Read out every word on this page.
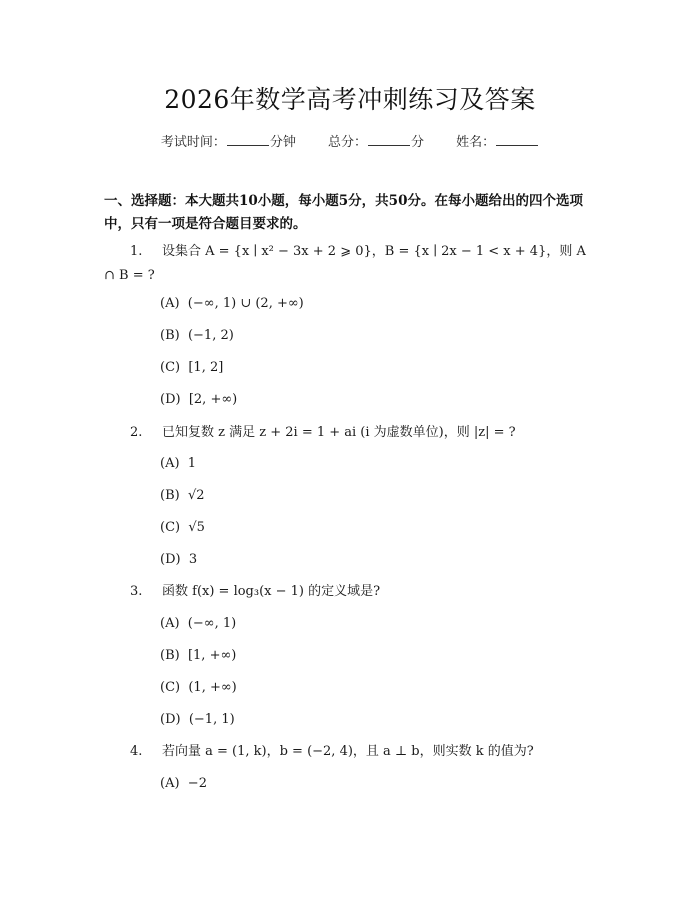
2026年数学高考冲刺练习及答案
考试时间：	分钟 总分：	分 姓名：
一、选择题：本大题共10小题，每小题5分，共50分。在每小题给出的四个选项中，只有一项是符合题目要求的。
1. 设集合 A = {x ∣ x² − 3x + 2 ⩾ 0}，B = {x ∣ 2x − 1 < x + 4}，则 A ∩ B = ?
(A)  (−∞, 1) ∪ (2, +∞)
(B)  (−1, 2)
(C)  [1, 2]
(D)  [2, +∞)
2. 已知复数 z 满足 z + 2i = 1 + ai (i 为虚数单位)，则 |z| = ?
(A)  1
(B)  √2
(C)  √5
(D)  3
3. 函数 f(x) = log₃(x − 1) 的定义域是?
(A)  (−∞, 1)
(B)  [1, +∞)
(C)  (1, +∞)
(D)  (−1, 1)
4. 若向量 a = (1, k)，b = (−2, 4)，且 a ⊥ b，则实数 k 的值为?
(A)  −2
